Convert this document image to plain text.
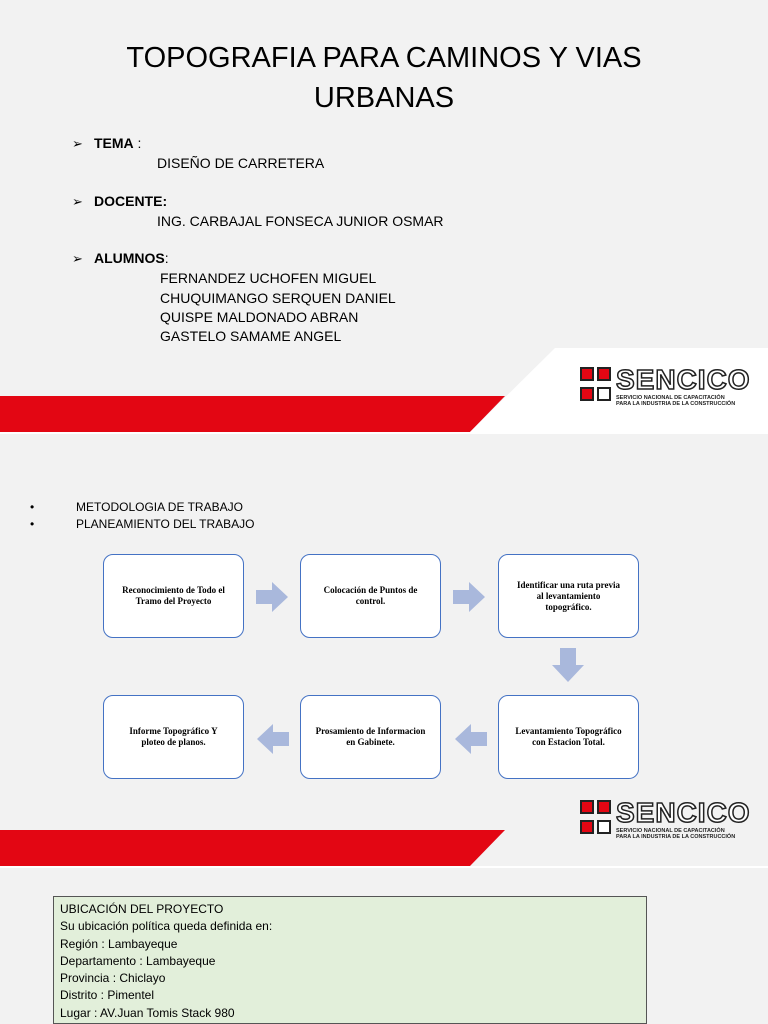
TOPOGRAFIA PARA CAMINOS Y VIAS
URBANAS
➢ TEMA :
DISEÑO DE CARRETERA
➢ DOCENTE:
ING. CARBAJAL FONSECA JUNIOR OSMAR
➢ ALUMNOS:
FERNANDEZ UCHOFEN MIGUEL
CHUQUIMANGO SERQUEN DANIEL
QUISPE MALDONADO ABRAN
GASTELO SAMAME ANGEL
SENCICO
SERVICIO NACIONAL DE CAPACITACIÓN
PARA LA INDUSTRIA DE LA CONSTRUCCIÓN
•	METODOLOGIA DE TRABAJO
•	PLANEAMIENTO DEL TRABAJO
Reconocimiento de Todo el Tramo del Proyecto
Colocación de Puntos de control.
Identificar una ruta previa al levantamiento topográfico.
Levantamiento Topográfico con Estacion Total.
Prosamiento de Informacion en Gabinete.
Informe Topográfico Y ploteo de planos.
SENCICO
SERVICIO NACIONAL DE CAPACITACIÓN
PARA LA INDUSTRIA DE LA CONSTRUCCIÓN
UBICACIÓN DEL PROYECTO
Su ubicación política queda definida en:
Región : Lambayeque
Departamento : Lambayeque
Provincia : Chiclayo
Distrito : Pimentel
Lugar : AV.Juan Tomis Stack 980
